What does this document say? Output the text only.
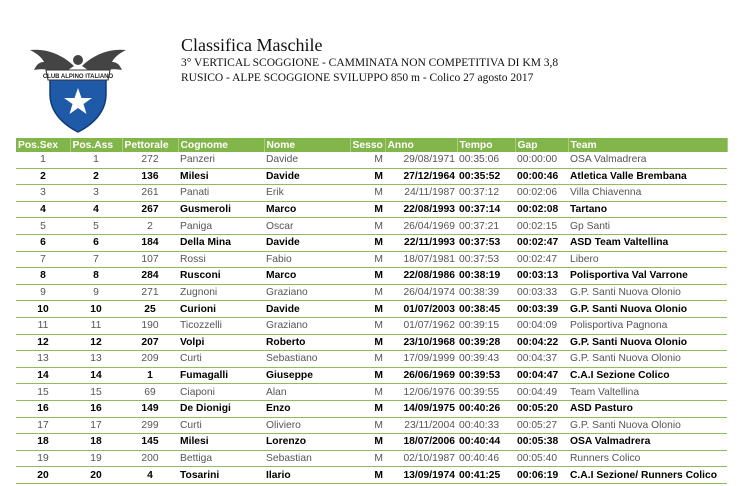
CLUB ALPINO ITALIANO
Classifica Maschile
3° VERTICAL SCOGGIONE - CAMMINATA NON COMPETITIVA DI KM 3,8
RUSICO - ALPE SCOGGIONE SVILUPPO 850 m - Colico 27 agosto 2017
Pos.Sex	Pos.Ass	Pettorale	Cognome	Nome	Sesso	Anno	Tempo	Gap	Team
1	1	272	Panzeri	Davide	M	29/08/1971	00:35:06	00:00:00	OSA Valmadrera
2	2	136	Milesi	Davide	M	27/12/1964	00:35:52	00:00:46	Atletica Valle Brembana
3	3	261	Panati	Erik	M	24/11/1987	00:37:12	00:02:06	Villa Chiavenna
4	4	267	Gusmeroli	Marco	M	22/08/1993	00:37:14	00:02:08	Tartano
5	5	2	Paniga	Oscar	M	26/04/1969	00:37:21	00:02:15	Gp Santi
6	6	184	Della Mina	Davide	M	22/11/1993	00:37:53	00:02:47	ASD Team Valtellina
7	7	107	Rossi	Fabio	M	18/07/1981	00:37:53	00:02:47	Libero
8	8	284	Rusconi	Marco	M	22/08/1986	00:38:19	00:03:13	Polisportiva Val Varrone
9	9	271	Zugnoni	Graziano	M	26/04/1974	00:38:39	00:03:33	G.P. Santi Nuova Olonio
10	10	25	Curioni	Davide	M	01/07/2003	00:38:45	00:03:39	G.P. Santi Nuova Olonio
11	11	190	Ticozzelli	Graziano	M	01/07/1962	00:39:15	00:04:09	Polisportiva Pagnona
12	12	207	Volpi	Roberto	M	23/10/1968	00:39:28	00:04:22	G.P. Santi Nuova Olonio
13	13	209	Curti	Sebastiano	M	17/09/1999	00:39:43	00:04:37	G.P. Santi Nuova Olonio
14	14	1	Fumagalli	Giuseppe	M	26/06/1969	00:39:53	00:04:47	C.A.I Sezione Colico
15	15	69	Ciaponi	Alan	M	12/06/1976	00:39:55	00:04:49	Team Valtellina
16	16	149	De Dionigi	Enzo	M	14/09/1975	00:40:26	00:05:20	ASD Pasturo
17	17	299	Curti	Oliviero	M	23/11/2004	00:40:33	00:05:27	G.P. Santi Nuova Olonio
18	18	145	Milesi	Lorenzo	M	18/07/2006	00:40:44	00:05:38	OSA Valmadrera
19	19	200	Bettiga	Sebastian	M	02/10/1987	00:40:46	00:05:40	Runners Colico
20	20	4	Tosarini	Ilario	M	13/09/1974	00:41:25	00:06:19	C.A.I Sezione/ Runners Colico
